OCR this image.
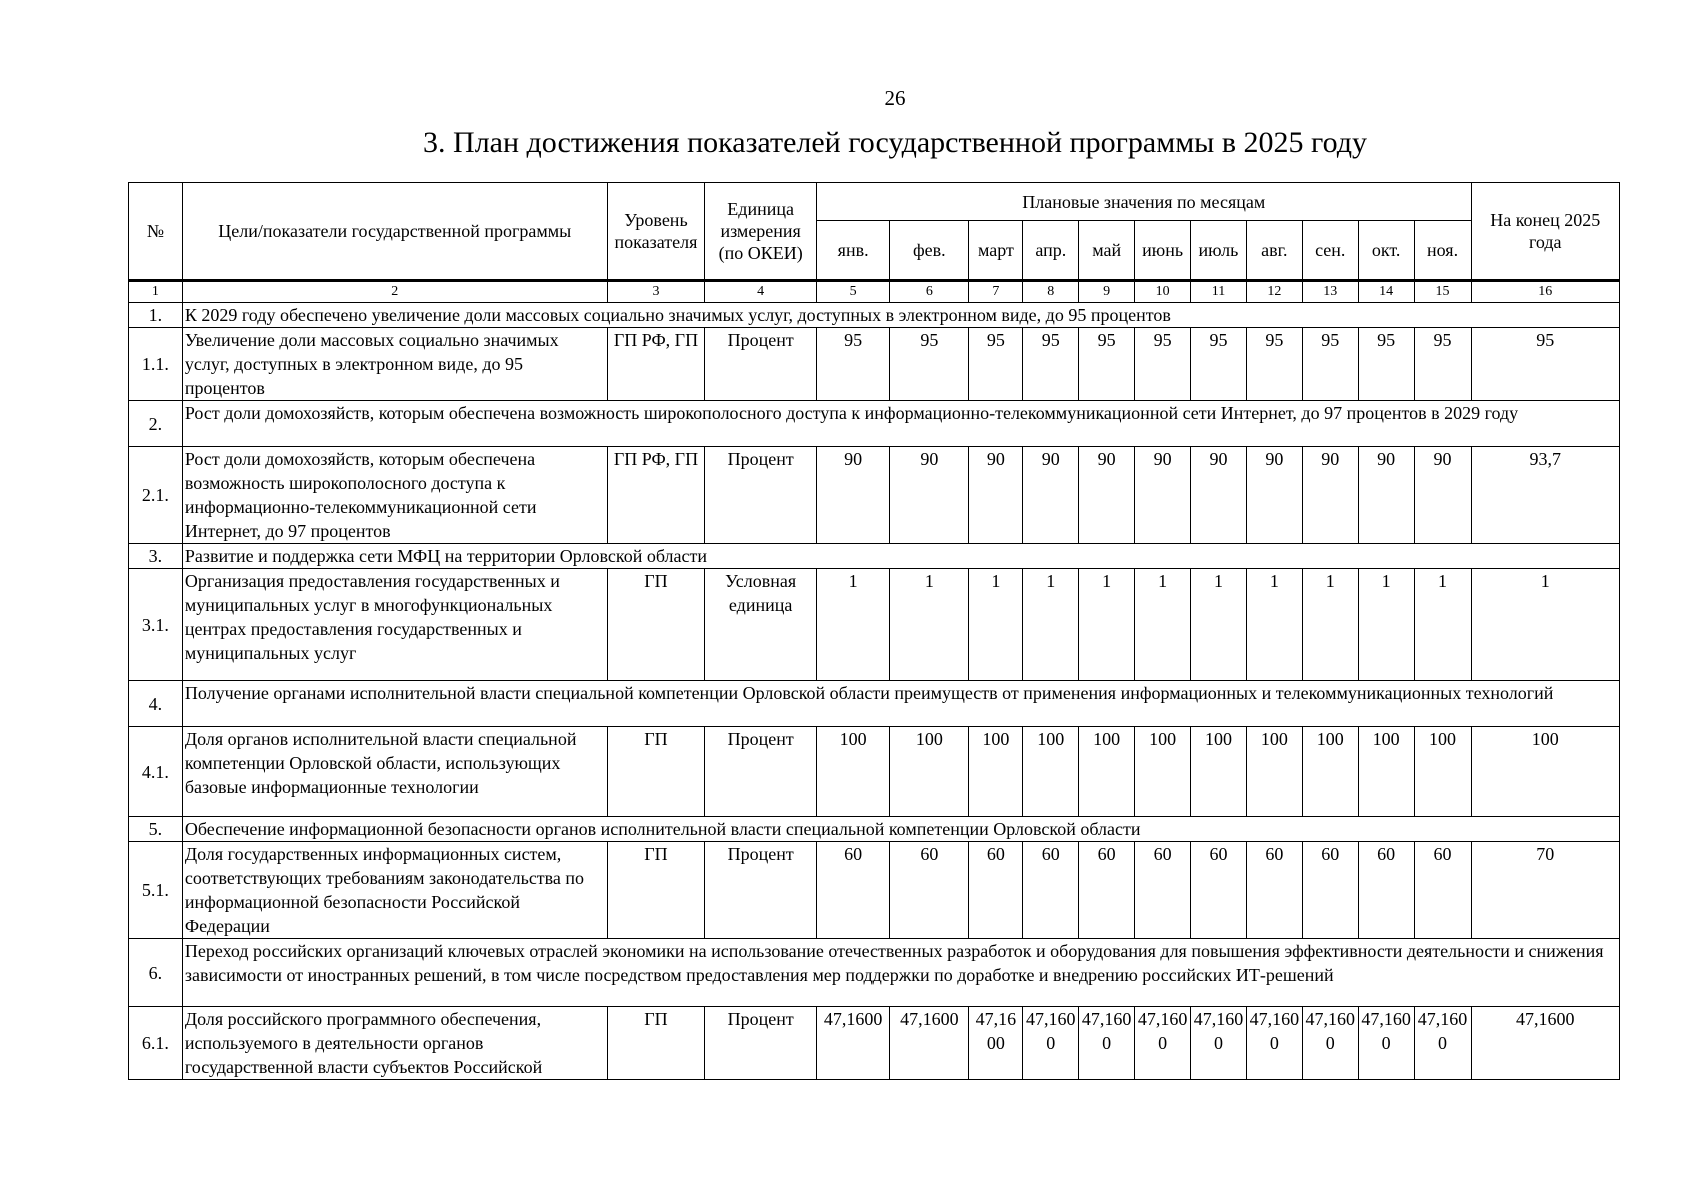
26
3. План достижения показателей государственной программы в 2025 году
№	Цели/показатели государственной программы	Уровень показателя	Единица измерения (по ОКЕИ)	Плановые значения по месяцам											На конец 2025 года
				янв.	фев.	март	апр.	май	июнь	июль	авг.	сен.	окт.	ноя.	
1	2	3	4	5	6	7	8	9	10	11	12	13	14	15	16
1.	К 2029 году обеспечено увеличение доли массовых социально значимых услуг, доступных в электронном виде, до 95 процентов														
1.1.	Увеличение доли массовых социально значимых услуг, доступных в электронном виде, до 95 процентов	ГП РФ, ГП	Процент	95	95	95	95	95	95	95	95	95	95	95	95
2.	Рост доли домохозяйств, которым обеспечена возможность широкополосного доступа к информационно-телекоммуникационной сети Интернет, до 97 процентов в 2029 году														
2.1.	Рост доли домохозяйств, которым обеспечена возможность широкополосного доступа к информационно-телекоммуникационной сети Интернет, до 97 процентов	ГП РФ, ГП	Процент	90	90	90	90	90	90	90	90	90	90	90	93,7
3.	Развитие и поддержка сети МФЦ на территории Орловской области														
3.1.	Организация предоставления государственных и муниципальных услуг в многофункциональных центрах предоставления государственных и муниципальных услуг	ГП	Условная единица	1	1	1	1	1	1	1	1	1	1	1	1
4.	Получение органами исполнительной власти специальной компетенции Орловской области преимуществ от применения информационных и телекоммуникационных технологий														
4.1.	Доля органов исполнительной власти специальной компетенции Орловской области, использующих базовые информационные технологии	ГП	Процент	100	100	100	100	100	100	100	100	100	100	100	100
5.	Обеспечение информационной безопасности органов исполнительной власти специальной компетенции Орловской области														
5.1.	Доля государственных информационных систем, соответствующих требованиям законодательства по информационной безопасности Российской Федерации	ГП	Процент	60	60	60	60	60	60	60	60	60	60	60	70
6.	Переход российских организаций ключевых отраслей экономики на использование отечественных разработок и оборудования для повышения эффективности деятельности и снижения зависимости от иностранных решений, в том числе посредством предоставления мер поддержки по доработке и внедрению российских ИТ-решений														
6.1.	Доля российского программного обеспечения, используемого в деятельности органов государственной власти субъектов Российской	ГП	Процент	47,1600	47,1600	47,1600	47,1600	47,1600	47,1600	47,1600	47,1600	47,1600	47,1600	47,1600	47,1600
